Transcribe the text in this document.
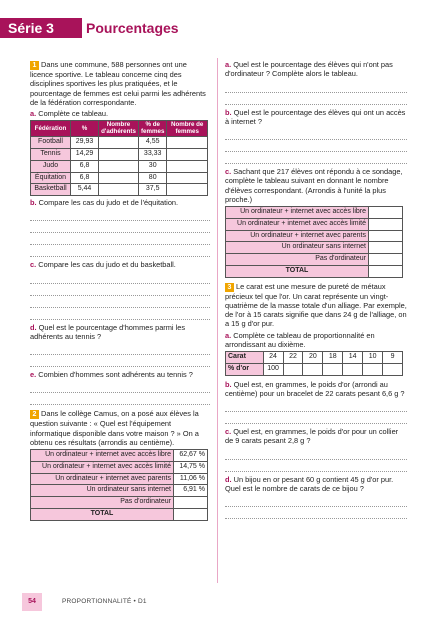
Série 3	Pourcentages

1 Dans une commune, 588 personnes ont une licence sportive. Le tableau concerne cinq des disciplines sportives les plus pratiquées, et le pourcentage de femmes est celui parmi les adhérents de la fédération correspondante.

a. Complète ce tableau.

Fédération	%	Nombre d'adhérents	% de femmes	Nombre de femmes
Football	29,93		4,55	
Tennis	14,29		33,33	
Judo	6,8		30	
Équitation	6,8		80	
Basketball	5,44		37,5	

b. Compare les cas du judo et de l'équitation.

c. Compare les cas du judo et du basketball.

d. Quel est le pourcentage d'hommes parmi les adhérents au tennis ?

e. Combien d'hommes sont adhérents au tennis ?

2 Dans le collège Camus, on a posé aux élèves la question suivante : « Quel est l'équipement informatique disponible dans votre maison ? » On a obtenu ces résultats (arrondis au centième).

Un ordinateur + internet avec accès libre	62,67 %
Un ordinateur + internet avec accès limité	14,75 %
Un ordinateur + internet avec parents	11,06 %
Un ordinateur sans internet	6,91 %
Pas d'ordinateur	
TOTAL	

a. Quel est le pourcentage des élèves qui n'ont pas d'ordinateur ? Complète alors le tableau.

b. Quel est le pourcentage des élèves qui ont un accès à internet ?

c. Sachant que 217 élèves ont répondu à ce sondage, complète le tableau suivant en donnant le nombre d'élèves correspondant. (Arrondis à l'unité la plus proche.)

Un ordinateur + internet avec accès libre	
Un ordinateur + internet avec accès limité	
Un ordinateur + internet avec parents	
Un ordinateur sans internet	
Pas d'ordinateur	
TOTAL	

3 Le carat est une mesure de pureté de métaux précieux tel que l'or. Un carat représente un vingt-quatrième de la masse totale d'un alliage. Par exemple, de l'or à 15 carats signifie que dans 24 g de l'alliage, on a 15 g d'or pur.

a. Complète ce tableau de proportionnalité en arrondissant au dixième.

Carat	24	22	20	18	14	10	9
% d'or	100						

b. Quel est, en grammes, le poids d'or (arrondi au centième) pour un bracelet de 22 carats pesant 6,6 g ?

c. Quel est, en grammes, le poids d'or pour un collier de 9 carats pesant 2,8 g ?

d. Un bijou en or pesant 60 g contient 45 g d'or pur. Quel est le nombre de carats de ce bijou ?

54	PROPORTIONNALITÉ • D1
